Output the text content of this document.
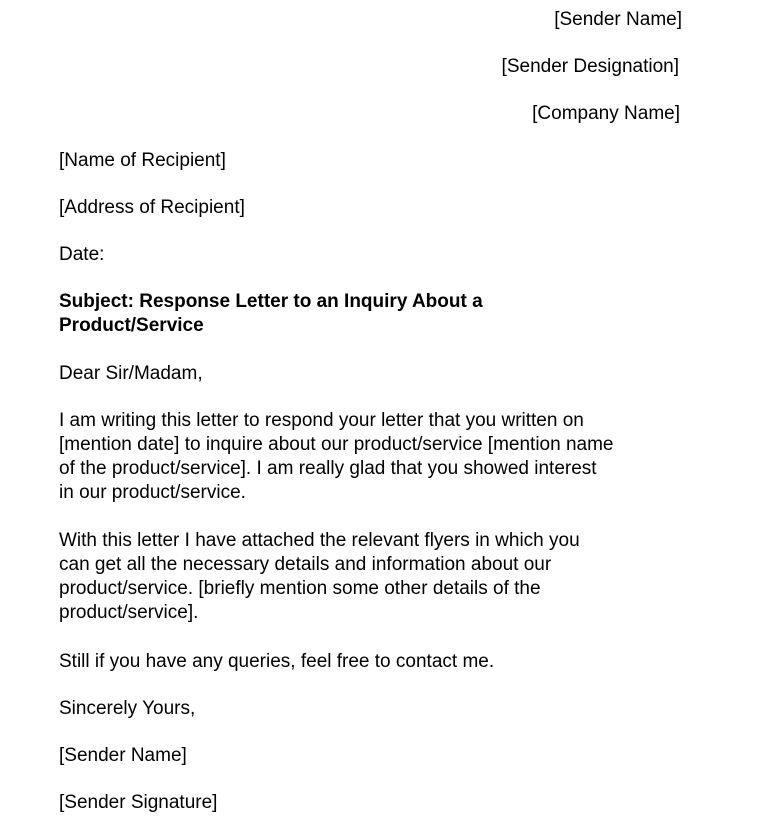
[Sender Name]
[Sender Designation]
[Company Name]
[Name of Recipient]
[Address of Recipient]
Date:
Subject: Response Letter to an Inquiry About a
Product/Service
Dear Sir/Madam,
I am writing this letter to respond your letter that you written on
[mention date] to inquire about our product/service [mention name
of the product/service]. I am really glad that you showed interest
in our product/service.
With this letter I have attached the relevant flyers in which you
can get all the necessary details and information about our
product/service. [briefly mention some other details of the
product/service].
Still if you have any queries, feel free to contact me.
Sincerely Yours,
[Sender Name]
[Sender Signature]
